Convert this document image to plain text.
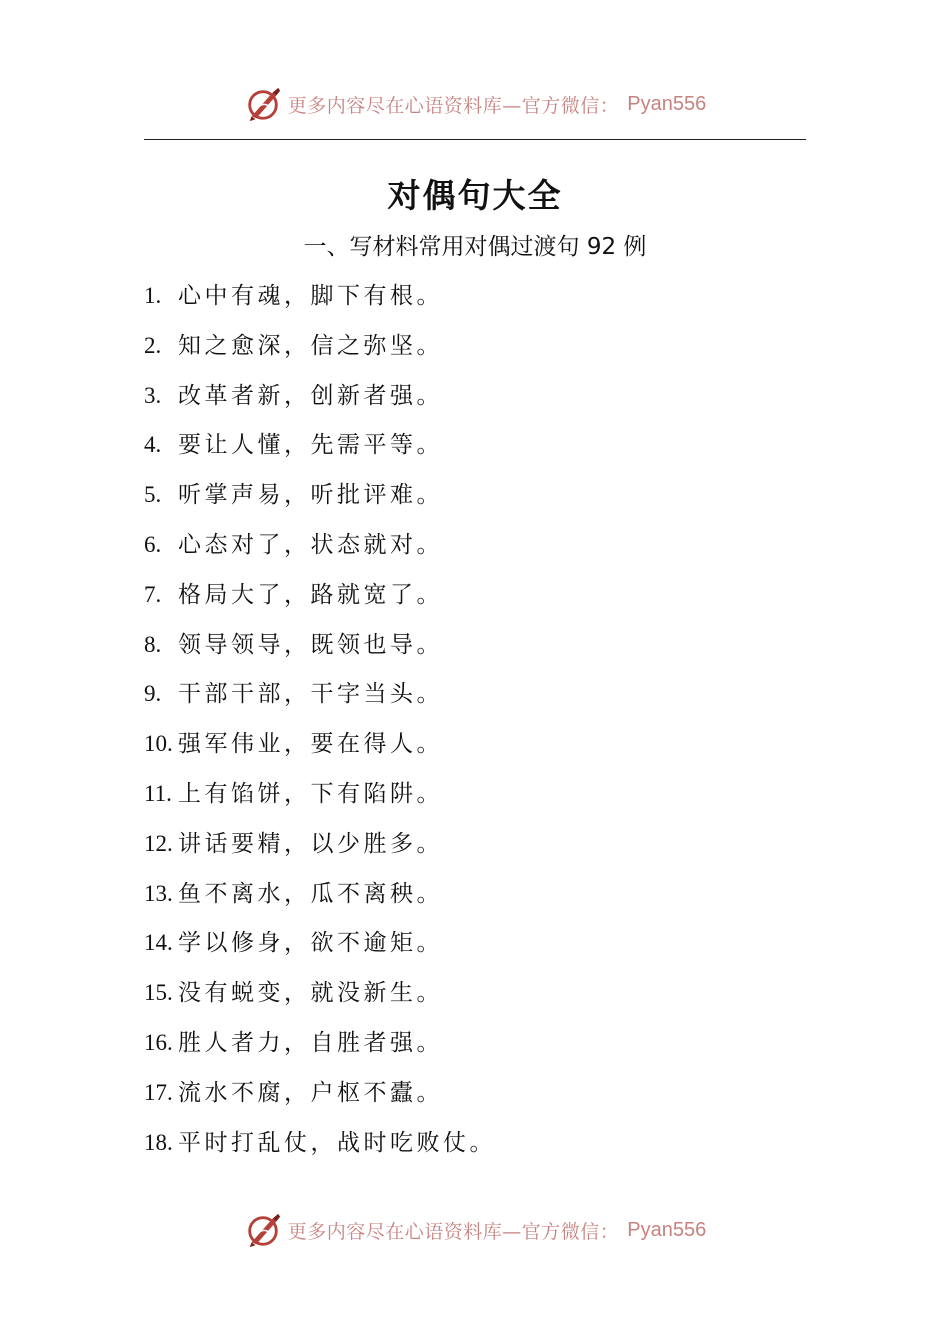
更多内容尽在心语资料库—官方微信： Pyan556
对偶句大全
一、写材料常用对偶过渡句 92 例
1. 心中有魂，脚下有根。
2. 知之愈深，信之弥坚。
3. 改革者新，创新者强。
4. 要让人懂，先需平等。
5. 听掌声易，听批评难。
6. 心态对了，状态就对。
7. 格局大了，路就宽了。
8. 领导领导，既领也导。
9. 干部干部，干字当头。
10. 强军伟业，要在得人。
11. 上有馅饼，下有陷阱。
12. 讲话要精，以少胜多。
13. 鱼不离水，瓜不离秧。
14. 学以修身，欲不逾矩。
15. 没有蜕变，就没新生。
16. 胜人者力，自胜者强。
17. 流水不腐，户枢不蠹。
18. 平时打乱仗，战时吃败仗。
更多内容尽在心语资料库—官方微信： Pyan556
